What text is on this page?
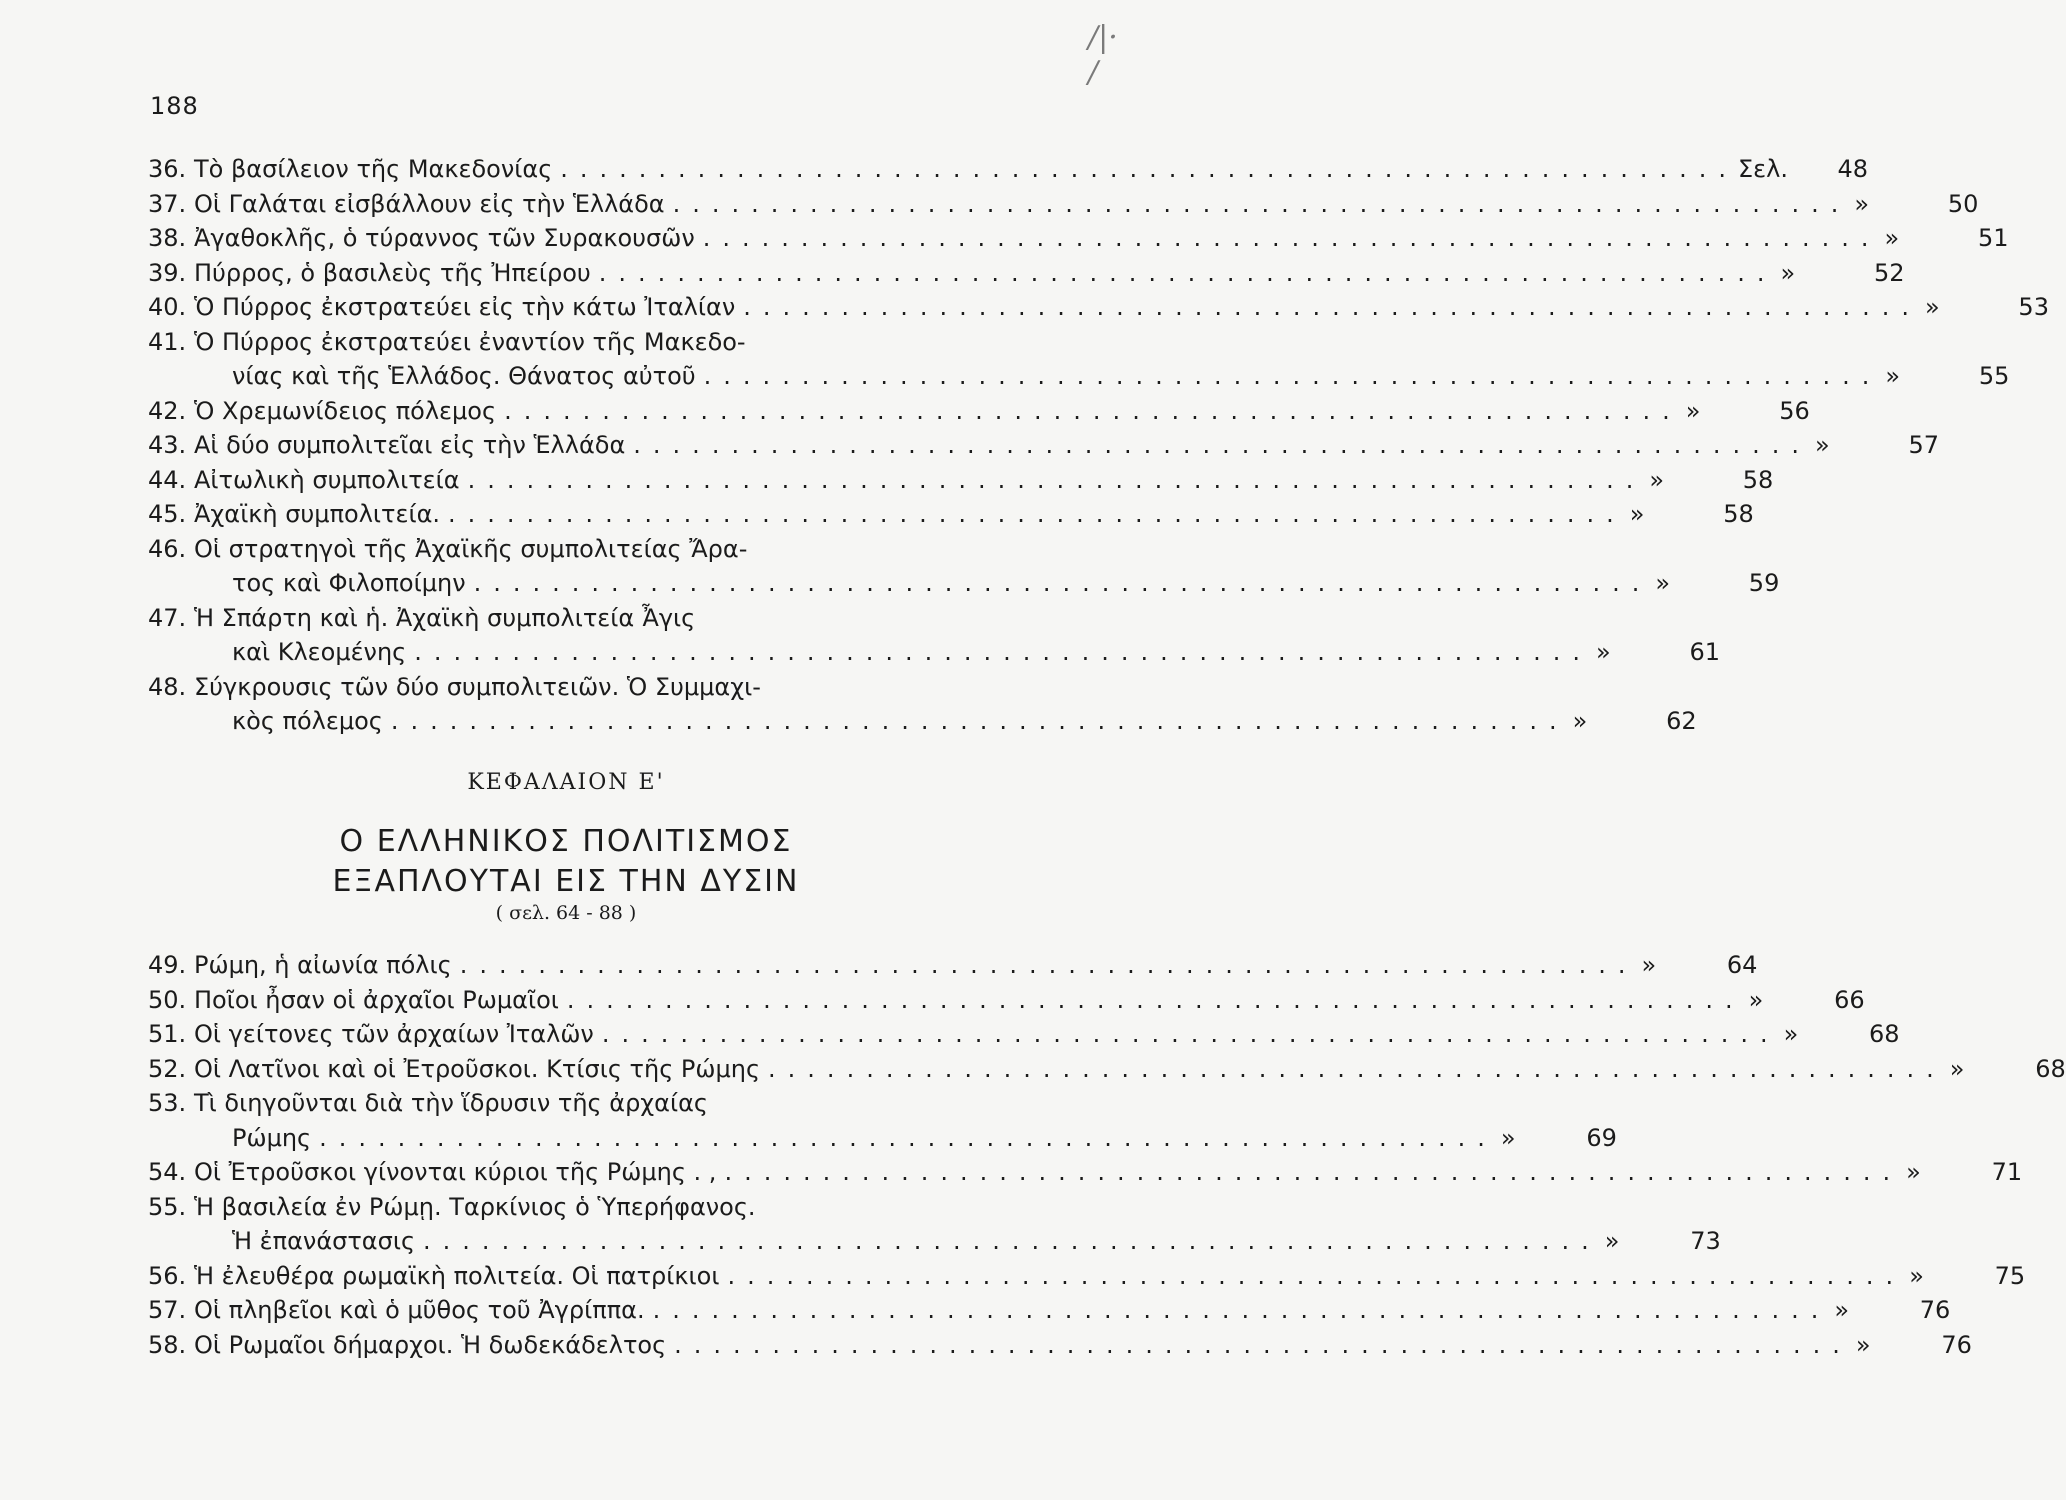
/|· /
188
36. Τὸ βασίλειον τῆς Μακεδονίας ............................................................ Σελ.	48
37. Οἱ Γαλάται εἰσβάλλουν εἰς τὴν Ἑλλάδα ............................................................ »	50
38. Ἀγαθοκλῆς, ὁ τύραννος τῶν Συρακουσῶν ............................................................ »	51
39. Πύρρος, ὁ βασιλεὺς τῆς Ἠπείρου ............................................................ »	52
40. Ὁ Πύρρος ἐκστρατεύει εἰς τὴν κάτω Ἰταλίαν ............................................................ »	53
41. Ὁ Πύρρος ἐκστρατεύει ἐναντίον τῆς Μακεδο-
νίας καὶ τῆς Ἑλλάδος. Θάνατος αὐτοῦ ............................................................ »	55
42. Ὁ Χρεμωνίδειος πόλεμος ............................................................ »	56
43. Αἱ δύο συμπολιτεῖαι εἰς τὴν Ἑλλάδα ............................................................ »	57
44. Αἰτωλικὴ συμπολιτεία ............................................................ »	58
45. Ἀχαϊκὴ συμπολιτεία. ............................................................ »	58
46. Οἱ στρατηγοὶ τῆς Ἀχαϊκῆς συμπολιτείας Ἄρα-
τος καὶ Φιλοποίμην ............................................................ »	59
47. Ἡ Σπάρτη καὶ ἡ. Ἀχαϊκὴ συμπολιτεία Ἆγις
καὶ Κλεομένης ............................................................ »	61
48. Σύγκρουσις τῶν δύο συμπολιτειῶν. Ὁ Συμμαχι-
κὸς πόλεμος ............................................................ »	62
ΚΕΦΑΛΑΙΟΝ Ε'
Ο ΕΛΛΗΝΙΚΟΣ ΠΟΛΙΤΙΣΜΟΣ
ΕΞΑΠΛΟΥΤΑΙ ΕΙΣ ΤΗΝ ΔΥΣΙΝ
( σελ. 64 - 88 )
49. Ρώμη, ἡ αἰωνία πόλις ............................................................ »	64
50. Ποῖοι ἦσαν οἱ ἀρχαῖοι Ρωμαῖοι ............................................................ »	66
51. Οἱ γείτονες τῶν ἀρχαίων Ἰταλῶν ............................................................ »	68
52. Οἱ Λατῖνοι καὶ οἱ Ἐτροῦσκοι. Κτίσις τῆς Ρώμης ............................................................ »	68
53. Τὶ διηγοῦνται διὰ τὴν ἵδρυσιν τῆς ἀρχαίας
Ρώμης ............................................................ »	69
54. Οἱ Ἐτροῦσκοι γίνονται κύριοι τῆς Ρώμης . , ............................................................ »	71
55. Ἡ βασιλεία ἐν Ρώμῃ. Ταρκίνιος ὁ Ὑπερήφανος.
Ἡ ἐπανάστασις ............................................................ »	73
56. Ἡ ἐλευθέρα ρωμαϊκὴ πολιτεία. Οἱ πατρίκιοι ............................................................ »	75
57. Οἱ πληβεῖοι καὶ ὁ μῦθος τοῦ Ἀγρίππα. ............................................................ »	76
58. Οἱ Ρωμαῖοι δήμαρχοι. Ἡ δωδεκάδελτος ............................................................ »	76
